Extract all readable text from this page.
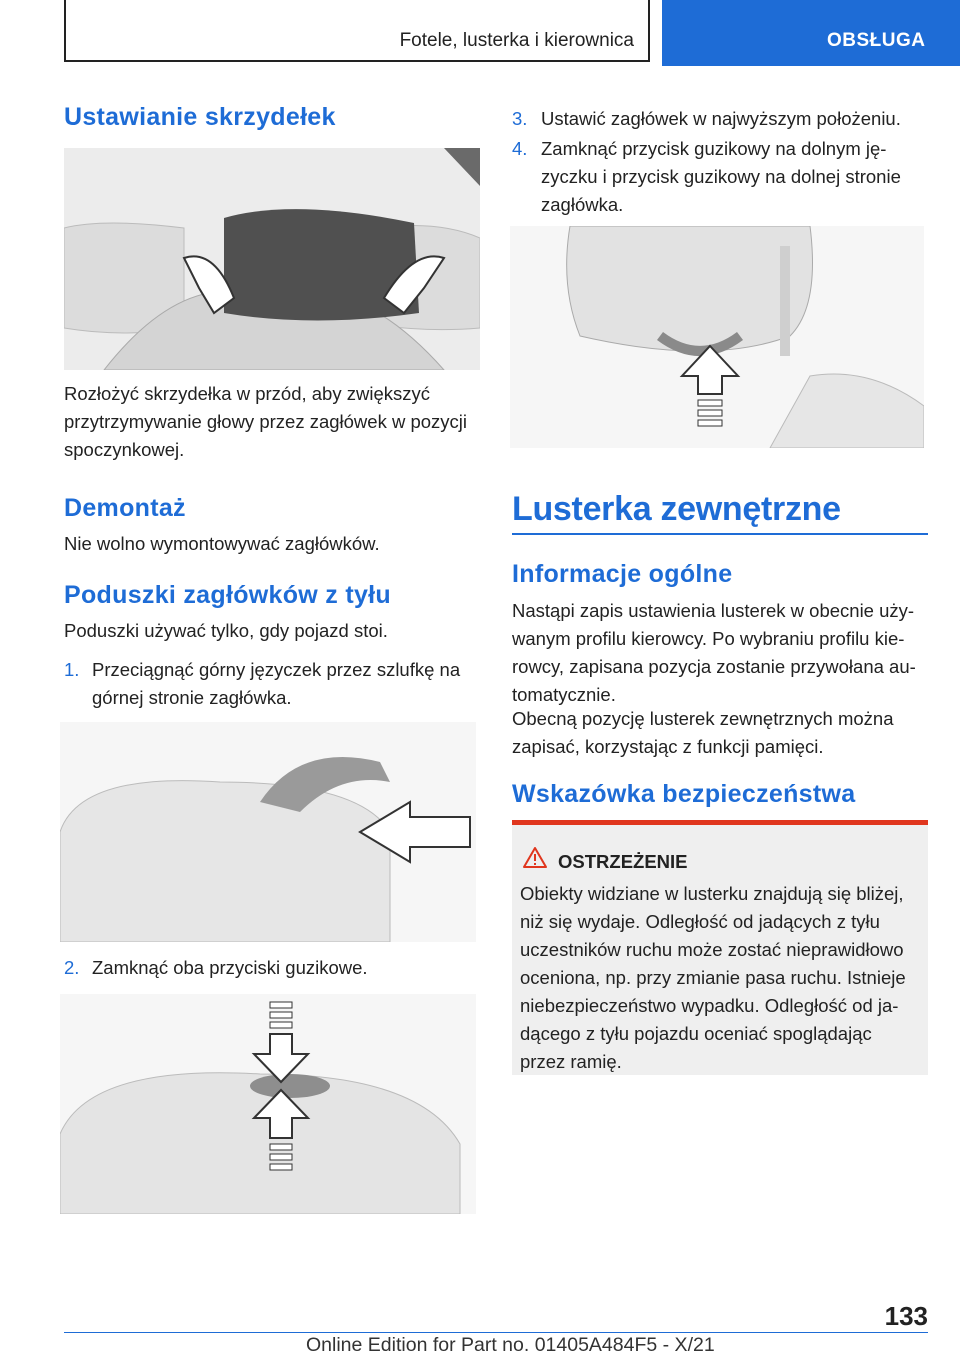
Fotele, lusterka i kierownica	OBSŁUGA
Ustawianie skrzydełek
Rozłożyć skrzydełka w przód, aby zwiększyć przytrzymywanie głowy przez zagłówek w pozycji spoczynkowej.
Demontaż
Nie wolno wymontowywać zagłówków.
Poduszki zagłówków z tyłu
Poduszki używać tylko, gdy pojazd stoi.
1. Przeciągnąć górny języczek przez szlufkę na górnej stronie zagłówka.
2. Zamknąć oba przyciski guzikowe.
3. Ustawić zagłówek w najwyższym położeniu.
4. Zamknąć przycisk guzikowy na dolnym ję-zyczku i przycisk guzikowy na dolnej stronie zagłówka.
Lusterka zewnętrzne
Informacje ogólne
Nastąpi zapis ustawienia lusterek w obecnie uży-wanym profilu kierowcy. Po wybraniu profilu kie-rowcy, zapisana pozycja zostanie przywołana au-tomatycznie.
Obecną pozycję lusterek zewnętrznych można zapisać, korzystając z funkcji pamięci.
Wskazówka bezpieczeństwa
OSTRZEŻENIE
Obiekty widziane w lusterku znajdują się bliżej, niż się wydaje. Odległość od jadących z tyłu uczestników ruchu może zostać nieprawidłowo oceniona, np. przy zmianie pasa ruchu. Istnieje niebezpieczeństwo wypadku. Odległość od ja-dącego z tyłu pojazdu oceniać spoglądając przez ramię.
133
Online Edition for Part no. 01405A484F5 - X/21
